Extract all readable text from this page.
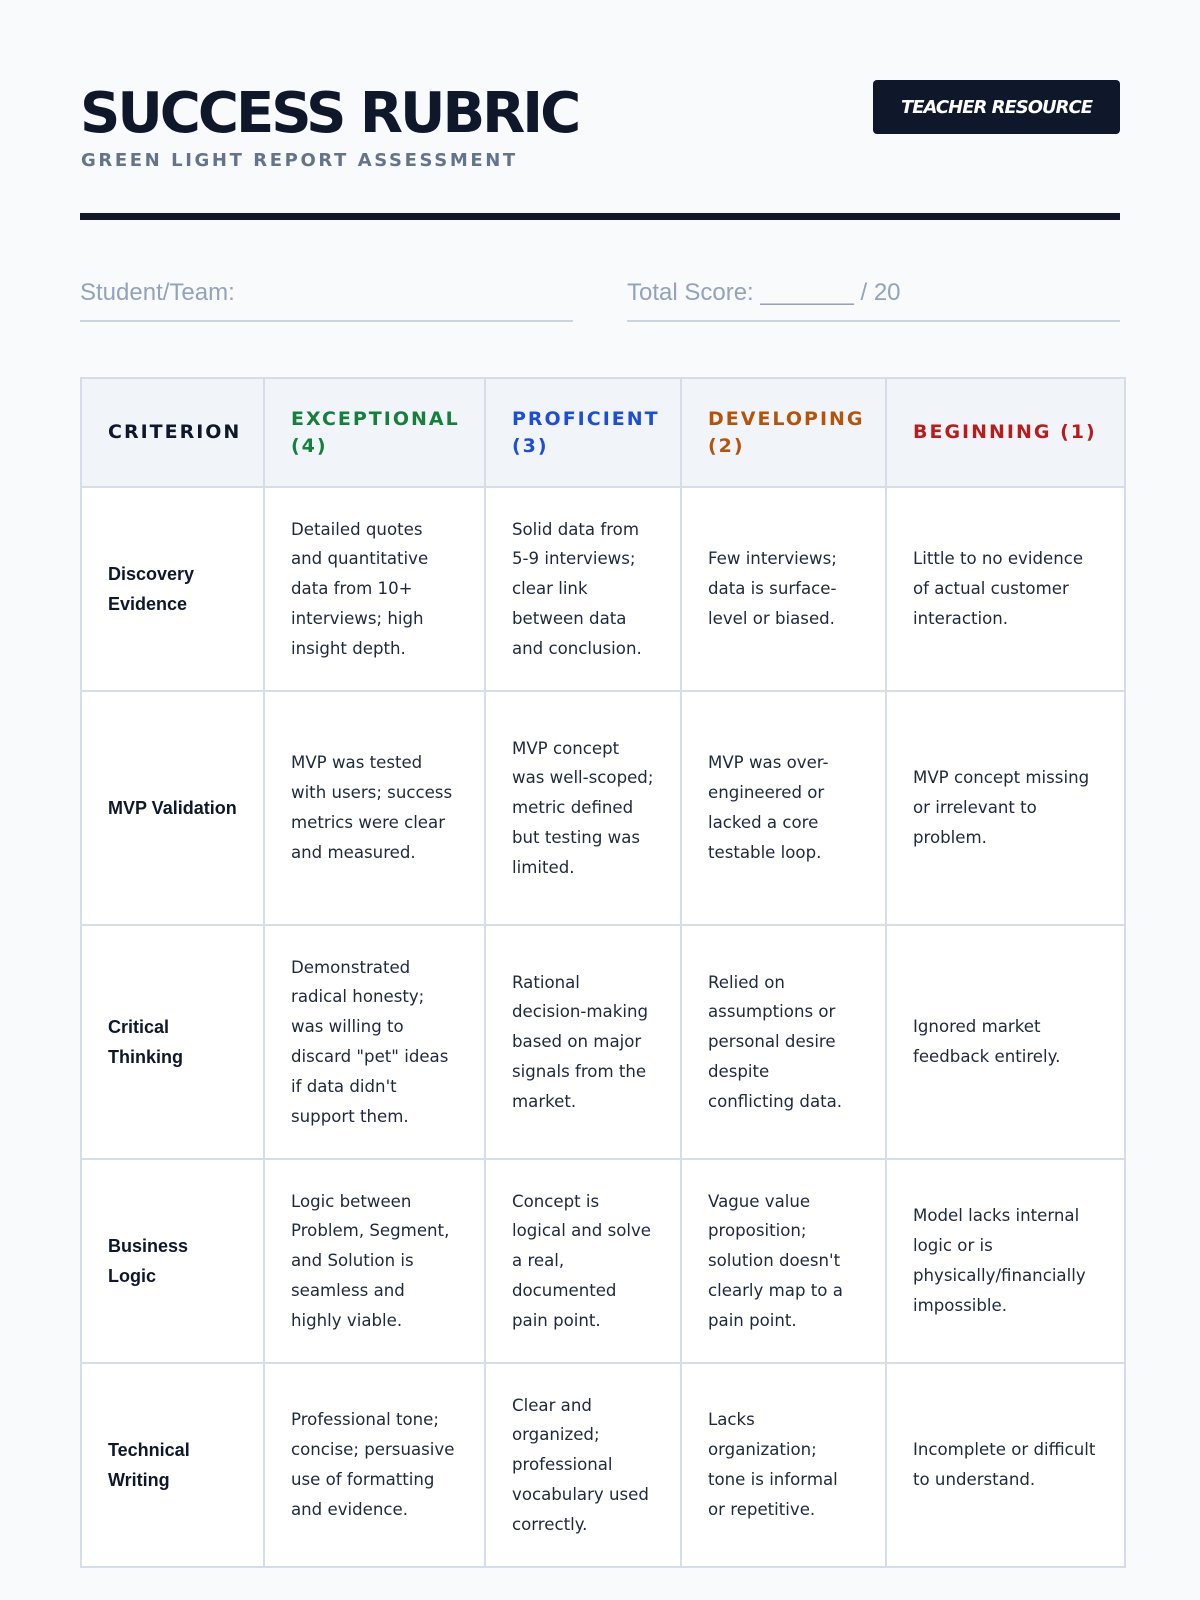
SUCCESS RUBRIC
GREEN LIGHT REPORT ASSESSMENT
TEACHER RESOURCE
Student/Team:	Total Score: _______ / 20
CRITERION	EXCEPTIONAL (4)	PROFICIENT (3)	DEVELOPING (2)	BEGINNING (1)
Discovery Evidence	Detailed quotes and quantitative data from 10+ interviews; high insight depth.	Solid data from 5-9 interviews; clear link between data and conclusion.	Few interviews; data is surface-level or biased.	Little to no evidence of actual customer interaction.
MVP Validation	MVP was tested with users; success metrics were clear and measured.	MVP concept was well-scoped; metric defined but testing was limited.	MVP was over-engineered or lacked a core testable loop.	MVP concept missing or irrelevant to problem.
Critical Thinking	Demonstrated radical honesty; was willing to discard "pet" ideas if data didn't support them.	Rational decision-making based on major signals from the market.	Relied on assumptions or personal desire despite conflicting data.	Ignored market feedback entirely.
Business Logic	Logic between Problem, Segment, and Solution is seamless and highly viable.	Concept is logical and solve a real, documented pain point.	Vague value proposition; solution doesn't clearly map to a pain point.	Model lacks internal logic or is physically/financially impossible.
Technical Writing	Professional tone; concise; persuasive use of formatting and evidence.	Clear and organized; professional vocabulary used correctly.	Lacks organization; tone is informal or repetitive.	Incomplete or difficult to understand.
